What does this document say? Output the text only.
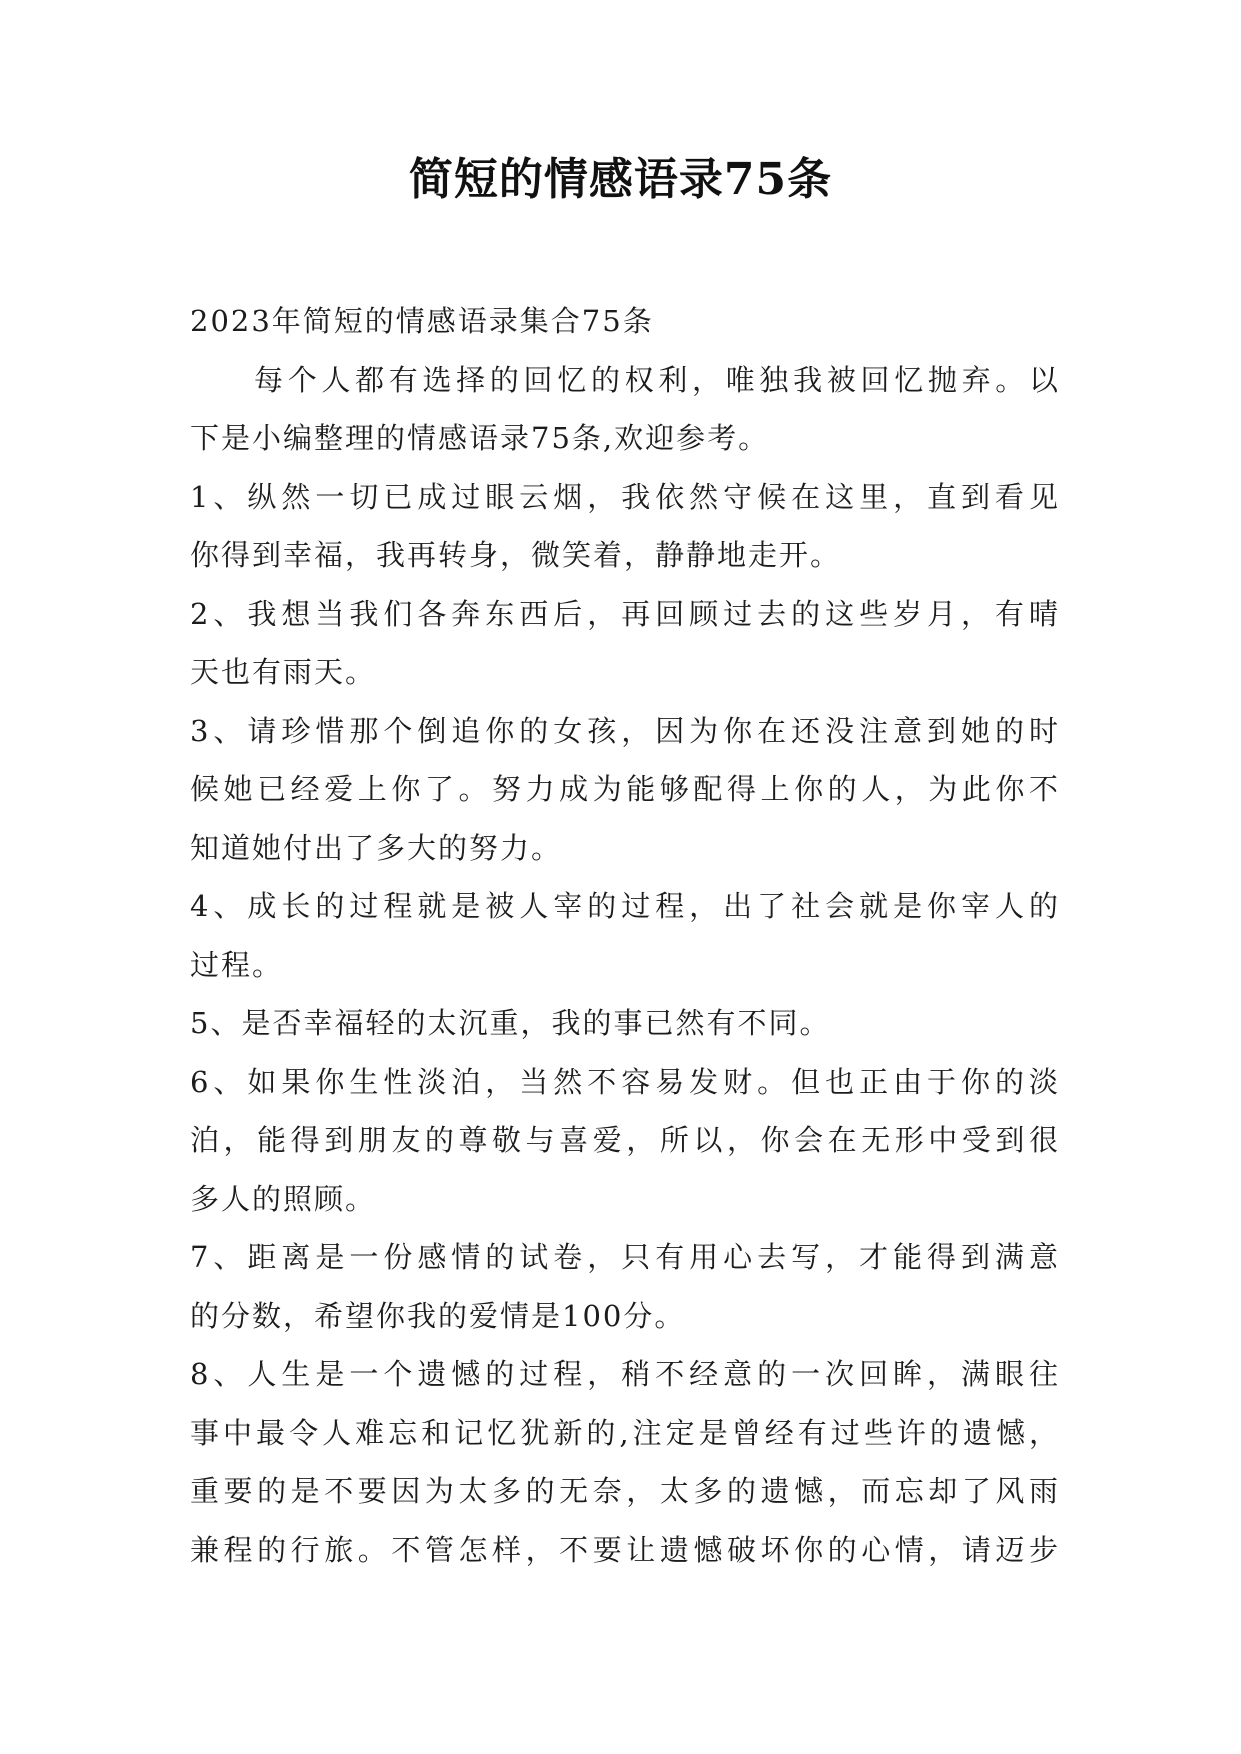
简短的情感语录75条
2023年简短的情感语录集合75条
每个人都有选择的回忆的权利，唯独我被回忆抛弃。以
下是小编整理的情感语录75条,欢迎参考。
1、纵然一切已成过眼云烟，我依然守候在这里，直到看见
你得到幸福，我再转身，微笑着，静静地走开。
2、我想当我们各奔东西后，再回顾过去的这些岁月，有晴
天也有雨天。
3、请珍惜那个倒追你的女孩，因为你在还没注意到她的时
候她已经爱上你了。努力成为能够配得上你的人，为此你不
知道她付出了多大的努力。
4、成长的过程就是被人宰的过程，出了社会就是你宰人的
过程。
5、是否幸福轻的太沉重，我的事已然有不同。
6、如果你生性淡泊，当然不容易发财。但也正由于你的淡
泊，能得到朋友的尊敬与喜爱，所以，你会在无形中受到很
多人的照顾。
7、距离是一份感情的试卷，只有用心去写，才能得到满意
的分数，希望你我的爱情是100分。
8、人生是一个遗憾的过程，稍不经意的一次回眸，满眼往
事中最令人难忘和记忆犹新的,注定是曾经有过些许的遗憾，
重要的是不要因为太多的无奈，太多的遗憾，而忘却了风雨
兼程的行旅。不管怎样，不要让遗憾破坏你的心情，请迈步
